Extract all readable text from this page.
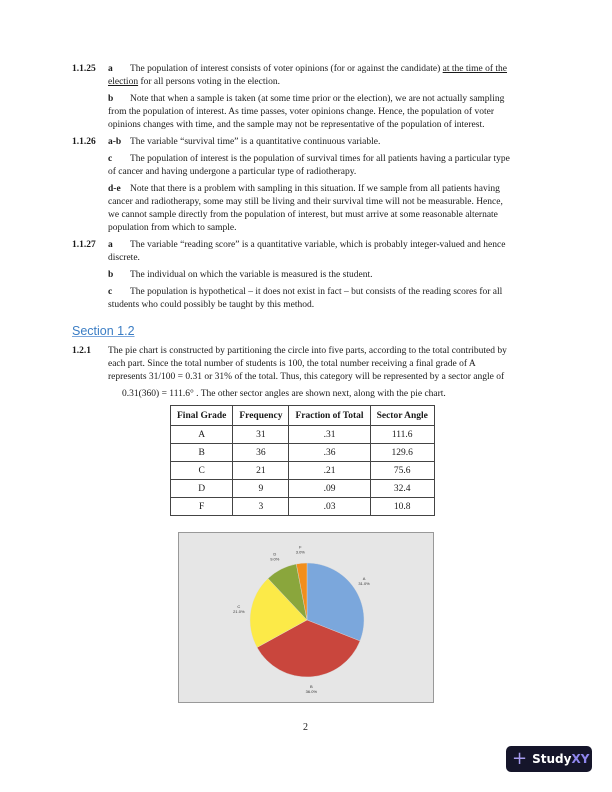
1.1.25 a The population of interest consists of voter opinions (for or against the candidate) at the time of the
election for all persons voting in the election.
b Note that when a sample is taken (at some time prior or the election), we are not actually sampling
from the population of interest. As time passes, voter opinions change. Hence, the population of voter
opinions changes with time, and the sample may not be representative of the population of interest.
1.1.26 a-b The variable “survival time” is a quantitative continuous variable.
c The population of interest is the population of survival times for all patients having a particular type
of cancer and having undergone a particular type of radiotherapy.
d-e Note that there is a problem with sampling in this situation. If we sample from all patients having
cancer and radiotherapy, some may still be living and their survival time will not be measurable. Hence,
we cannot sample directly from the population of interest, but must arrive at some reasonable alternate
population from which to sample.
1.1.27 a The variable “reading score” is a quantitative variable, which is probably integer-valued and hence
discrete.
b The individual on which the variable is measured is the student.
c The population is hypothetical – it does not exist in fact – but consists of the reading scores for all
students who could possibly be taught by this method.
Section 1.2
1.2.1 The pie chart is constructed by partitioning the circle into five parts, according to the total contributed by
each part. Since the total number of students is 100, the total number receiving a final grade of A
represents 31/100 = 0.31 or 31% of the total. Thus, this category will be represented by a sector angle of
0.31(360) = 111.6° . The other sector angles are shown next, along with the pie chart.
Final Grade	Frequency	Fraction of Total	Sector Angle
A	31	.31	111.6
B	36	.36	129.6
C	21	.21	75.6
D	9	.09	32.4
F	3	.03	10.8
A
31.0%
B
36.0%
C
21.0%
D
9.0%
F
3.0%
2
+ Study XY
